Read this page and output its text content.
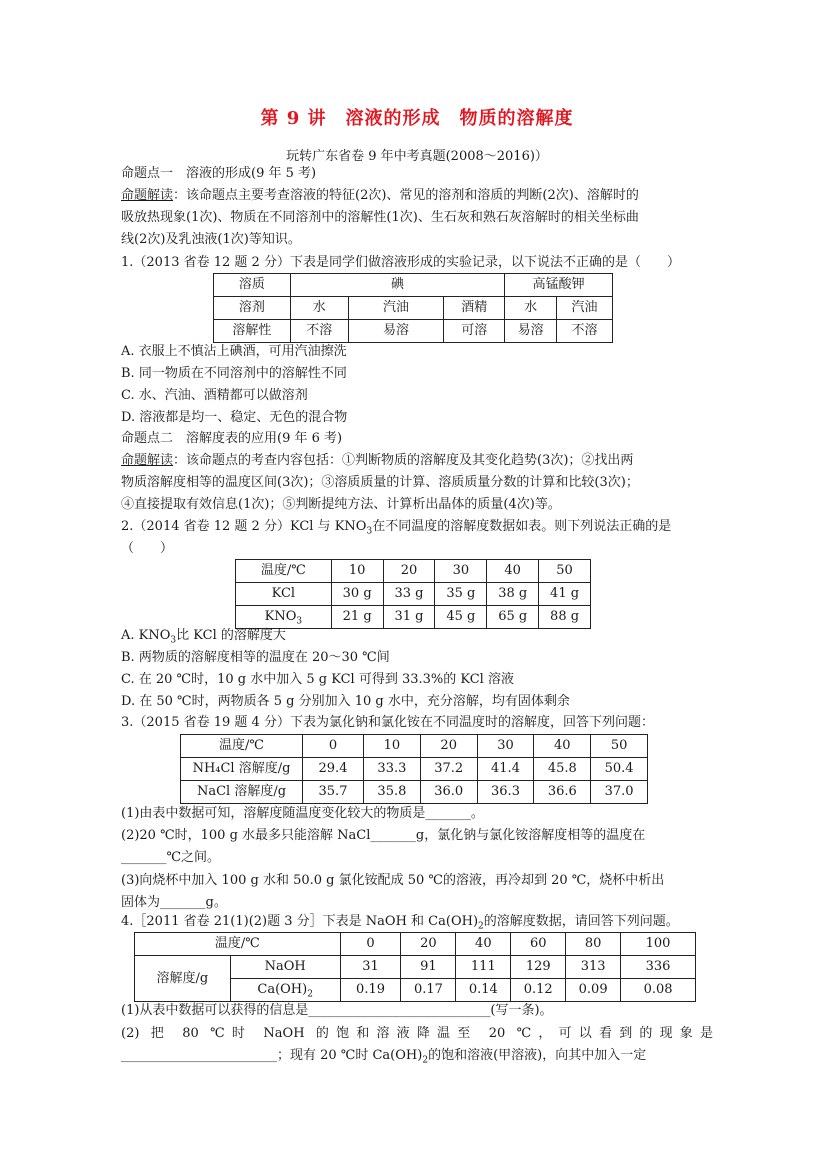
第 9 讲　溶液的形成　物质的溶解度
玩转广东省卷 9 年中考真题(2008～2016)）
命题点一　溶液的形成(9 年 5 考)
命题解读：该命题点主要考查溶液的特征(2次)、常见的溶剂和溶质的判断(2次)、溶解时的
吸放热现象(1次)、物质在不同溶剂中的溶解性(1次)、生石灰和熟石灰溶解时的相关坐标曲
线(2次)及乳浊液(1次)等知识。
1.（2013 省卷 12 题 2 分）下表是同学们做溶液形成的实验记录，以下说法不正确的是（　　）
溶质	碘			高锰酸钾	
溶剂	水	汽油	酒精	水	汽油
溶解性	不溶	易溶	可溶	易溶	不溶
A. 衣服上不慎沾上碘酒，可用汽油擦洗
B. 同一物质在不同溶剂中的溶解性不同
C. 水、汽油、酒精都可以做溶剂
D. 溶液都是均一、稳定、无色的混合物
命题点二　溶解度表的应用(9 年 6 考)
命题解读：该命题点的考查内容包括：①判断物质的溶解度及其变化趋势(3次)；②找出两
物质溶解度相等的温度区间(3次)；③溶质质量的计算、溶质质量分数的计算和比较(3次)；
④直接提取有效信息(1次)；⑤判断提纯方法、计算析出晶体的质量(4次)等。
2.（2014 省卷 12 题 2 分）KCl 与 $KNO_3$在不同温度的溶解度数据如表。则下列说法正确的是
（　　）
温度/℃	10	20	30	40	50
KCl	30 g	33 g	35 g	38 g	41 g
$KNO_3$	21 g	31 g	45 g	65 g	88 g
A. $KNO_3$比 KCl 的溶解度大
B. 两物质的溶解度相等的温度在 20～30 ℃间
C. 在 20 ℃时，10 g 水中加入 5 g KCl 可得到 33.3%的 KCl 溶液
D. 在 50 ℃时，两物质各 5 g 分别加入 10 g 水中，充分溶解，均有固体剩余
3.（2015 省卷 19 题 4 分）下表为氯化钠和氯化铵在不同温度时的溶解度，回答下列问题：
温度/℃	0	10	20	30	40	50
NH₄Cl 溶解度/g	29.4	33.3	37.2	41.4	45.8	50.4
NaCl 溶解度/g	35.7	35.8	36.0	36.3	36.6	37.0
(1)由表中数据可知，溶解度随温度变化较大的物质是_______。
(2)20 ℃时，100 g 水最多只能溶解 NaCl_______g，氯化钠与氯化铵溶解度相等的温度在
_______℃之间。
(3)向烧杯中加入 100 g 水和 50.0 g 氯化铵配成 50 ℃的溶液，再冷却到 20 ℃，烧杯中析出
固体为_______g。
4.［2011 省卷 21(1)(2)题 3 分］下表是 NaOH 和 $Ca(OH)_2$的溶解度数据，请回答下列问题。
温度/℃		0	20	40	60	80	100
溶解度/g	NaOH	31	91	111	129	313	336
	$Ca(OH)_2$	0.19	0.17	0.14	0.12	0.09	0.08
(1)从表中数据可以获得的信息是____________________________(写一条)。
(2) 把 80 ℃时 NaOH 的饱和溶液降温至 20 ℃，可以看到的现象是
________________________；现有 20 ℃时 $Ca(OH)_2$的饱和溶液(甲溶液)，向其中加入一定
